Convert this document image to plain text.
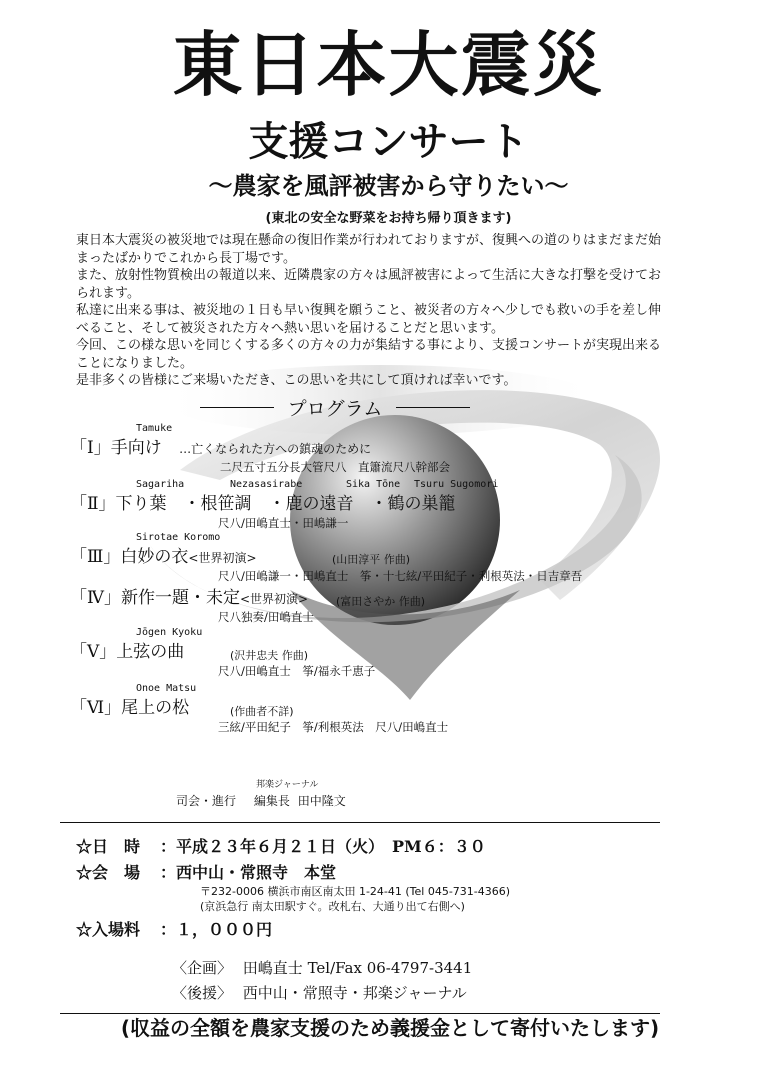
東日本大震災
支援コンサート
～農家を風評被害から守りたい～
(東北の安全な野菜をお持ち帰り頂きます)

東日本大震災の被災地では現在懸命の復旧作業が行われておりますが、復興への道のりはまだまだ始

まったばかりでこれから長丁場です。

また、放射性物質検出の報道以来、近隣農家の方々は風評被害によって生活に大きな打撃を受けてお

られます。

私達に出来る事は、被災地の１日も早い復興を願うこと、被災者の方々へ少しでも救いの手を差し伸

べること、そして被災された方々へ熱い思いを届けることだと思います。

今回、この様な思いを同じくする多くの方々の力が集結する事により、支援コンサートが実現出来る

ことになりました。

是非多くの皆様にご来場いただき、この思いを共にして頂ければ幸いです。

プログラム
Tamuke
「Ⅰ」手向け …亡くなられた方への鎮魂のために
二尺五寸五分長大管尺八　直簫流尺八幹部会
Sagariha	Nezasasirabe	Sika Tōne Tsuru Sugomori
「Ⅱ」下り葉　・根笹調　・鹿の遠音　・鶴の巣籠
尺八/田嶋直士・田嶋謙一
Sirotae Koromo
「Ⅲ」白妙の衣<世界初演>	(山田淳平 作曲)
尺八/田嶋謙一・田嶋直士　筝・十七絃/平田紀子・利根英法・日吉章吾
「Ⅳ」新作一題・未定<世界初演>	(富田さやか 作曲)
尺八独奏/田嶋直士
Jōgen Kyoku
「Ⅴ」上弦の曲	(沢井忠夫 作曲)
尺八/田嶋直士　筝/福永千恵子
Onoe Matsu
「Ⅵ」尾上の松	(作曲者不詳)
三絃/平田紀子　筝/利根英法　尺八/田嶋直士
邦楽ジャーナル
司会・進行 編集長 田中隆文
☆日　時 ：平成２３年６月２１日（火）　PM６：３０
☆会　場 ：西中山・常照寺　本堂
〒232-0006 横浜市南区南太田 1-24-41 (Tel 045-731-4366)
(京浜急行 南太田駅すぐ。改札右、大通り出て右側へ)
☆入場料 ：１，０００円
〈企画〉 田嶋直士 Tel/Fax 06-4797-3441
〈後援〉 西中山・常照寺・邦楽ジャーナル
(収益の全額を農家支援のため義援金として寄付いたします)
